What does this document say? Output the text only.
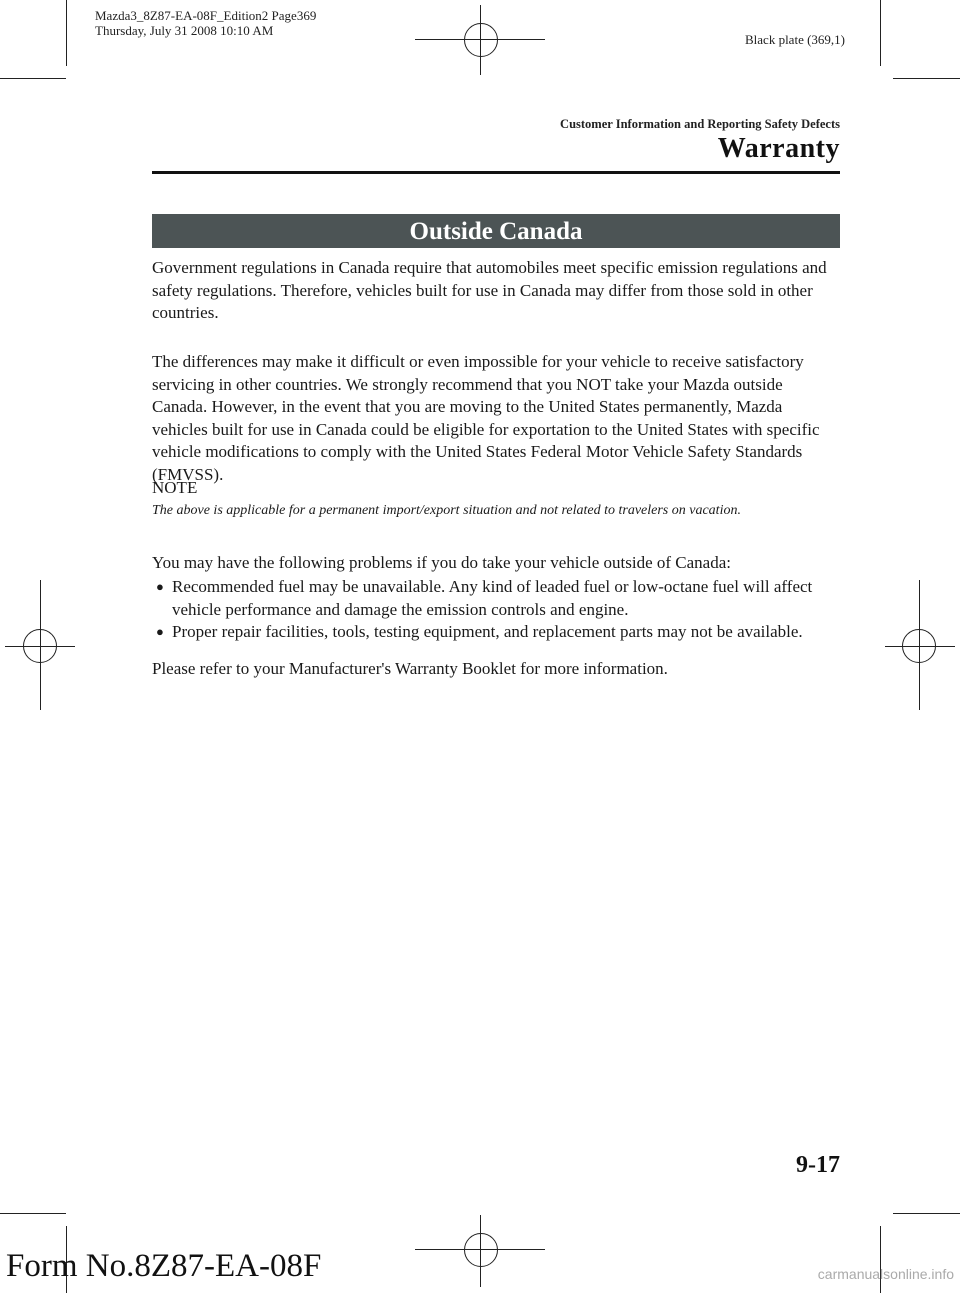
Mazda3_8Z87-EA-08F_Edition2 Page369
Thursday, July 31 2008 10:10 AM
Black plate (369,1)
Customer Information and Reporting Safety Defects
Warranty
Outside Canada
Government regulations in Canada require that automobiles meet specific emission regulations and safety regulations. Therefore, vehicles built for use in Canada may differ from those sold in other countries.
The differences may make it difficult or even impossible for your vehicle to receive satisfactory servicing in other countries. We strongly recommend that you NOT take your Mazda outside Canada. However, in the event that you are moving to the United States permanently, Mazda vehicles built for use in Canada could be eligible for exportation to the United States with specific vehicle modifications to comply with the United States Federal Motor Vehicle Safety Standards (FMVSS).
NOTE
The above is applicable for a permanent import/export situation and not related to travelers on vacation.
You may have the following problems if you do take your vehicle outside of Canada:
● Recommended fuel may be unavailable. Any kind of leaded fuel or low-octane fuel will affect vehicle performance and damage the emission controls and engine.
● Proper repair facilities, tools, testing equipment, and replacement parts may not be available.
Please refer to your Manufacturer's Warranty Booklet for more information.
9-17
Form No.8Z87-EA-08F	carmanualsonline.info
